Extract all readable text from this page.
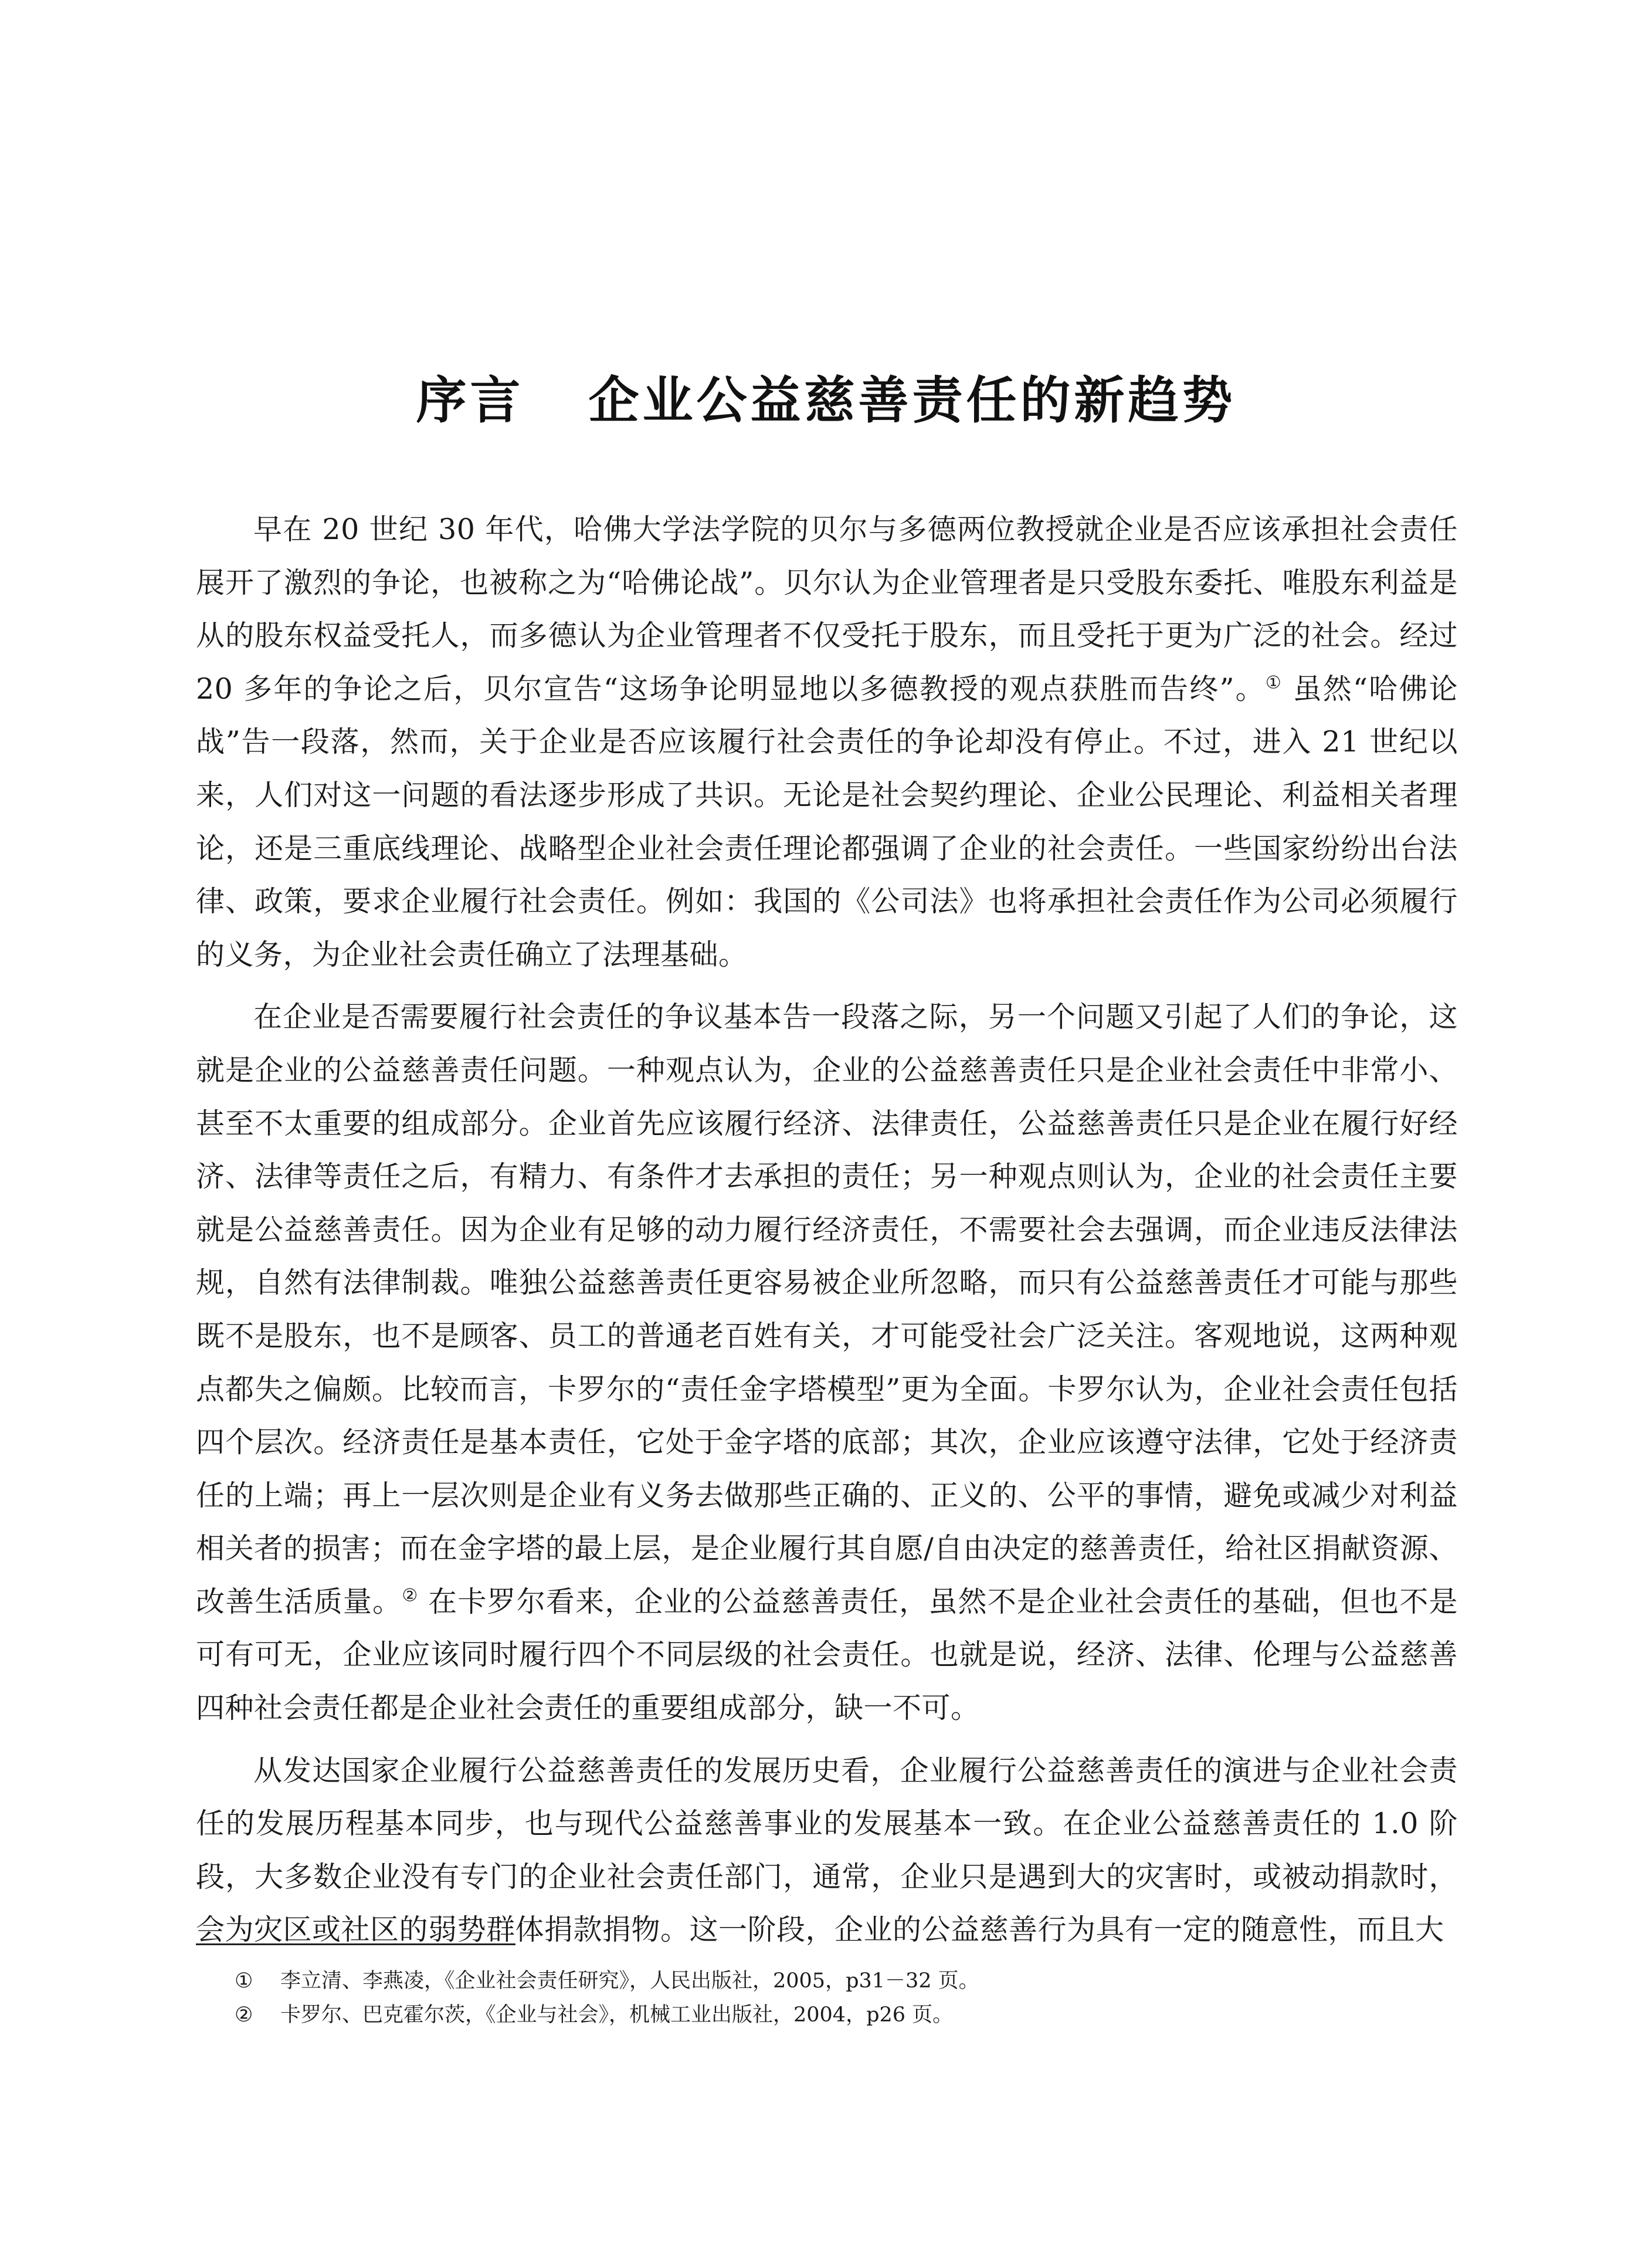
序言 企业公益慈善责任的新趋势

早在 20 世纪 30 年代，哈佛大学法学院的贝尔与多德两位教授就企业是否应该承担社会责任展开了激烈的争论，也被称之为“哈佛论战”。贝尔认为企业管理者是只受股东委托、唯股东利益是从的股东权益受托人，而多德认为企业管理者不仅受托于股东，而且受托于更为广泛的社会。经过 20 多年的争论之后，贝尔宣告“这场争论明显地以多德教授的观点获胜而告终”。① 虽然“哈佛论战”告一段落，然而，关于企业是否应该履行社会责任的争论却没有停止。不过，进入 21 世纪以来，人们对这一问题的看法逐步形成了共识。无论是社会契约理论、企业公民理论、利益相关者理论，还是三重底线理论、战略型企业社会责任理论都强调了企业的社会责任。一些国家纷纷出台法律、政策，要求企业履行社会责任。例如：我国的《公司法》也将承担社会责任作为公司必须履行的义务，为企业社会责任确立了法理基础。

在企业是否需要履行社会责任的争议基本告一段落之际，另一个问题又引起了人们的争论，这就是企业的公益慈善责任问题。一种观点认为，企业的公益慈善责任只是企业社会责任中非常小、甚至不太重要的组成部分。企业首先应该履行经济、法律责任，公益慈善责任只是企业在履行好经济、法律等责任之后，有精力、有条件才去承担的责任；另一种观点则认为，企业的社会责任主要就是公益慈善责任。因为企业有足够的动力履行经济责任，不需要社会去强调，而企业违反法律法规，自然有法律制裁。唯独公益慈善责任更容易被企业所忽略，而只有公益慈善责任才可能与那些既不是股东，也不是顾客、员工的普通老百姓有关，才可能受社会广泛关注。客观地说，这两种观点都失之偏颇。比较而言，卡罗尔的“责任金字塔模型”更为全面。卡罗尔认为，企业社会责任包括四个层次。经济责任是基本责任，它处于金字塔的底部；其次，企业应该遵守法律，它处于经济责任的上端；再上一层次则是企业有义务去做那些正确的、正义的、公平的事情，避免或减少对利益相关者的损害；而在金字塔的最上层，是企业履行其自愿/自由决定的慈善责任，给社区捐献资源、改善生活质量。② 在卡罗尔看来，企业的公益慈善责任，虽然不是企业社会责任的基础，但也不是可有可无，企业应该同时履行四个不同层级的社会责任。也就是说，经济、法律、伦理与公益慈善四种社会责任都是企业社会责任的重要组成部分，缺一不可。

从发达国家企业履行公益慈善责任的发展历史看，企业履行公益慈善责任的演进与企业社会责任的发展历程基本同步，也与现代公益慈善事业的发展基本一致。在企业公益慈善责任的 1.0 阶段，大多数企业没有专门的企业社会责任部门，通常，企业只是遇到大的灾害时，或被动捐款时，会为灾区或社区的弱势群体捐款捐物。这一阶段，企业的公益慈善行为具有一定的随意性，而且大

① 李立清、李燕凌，《企业社会责任研究》，人民出版社，2005，p31－32 页。
② 卡罗尔、巴克霍尔茨，《企业与社会》，机械工业出版社，2004，p26 页。
